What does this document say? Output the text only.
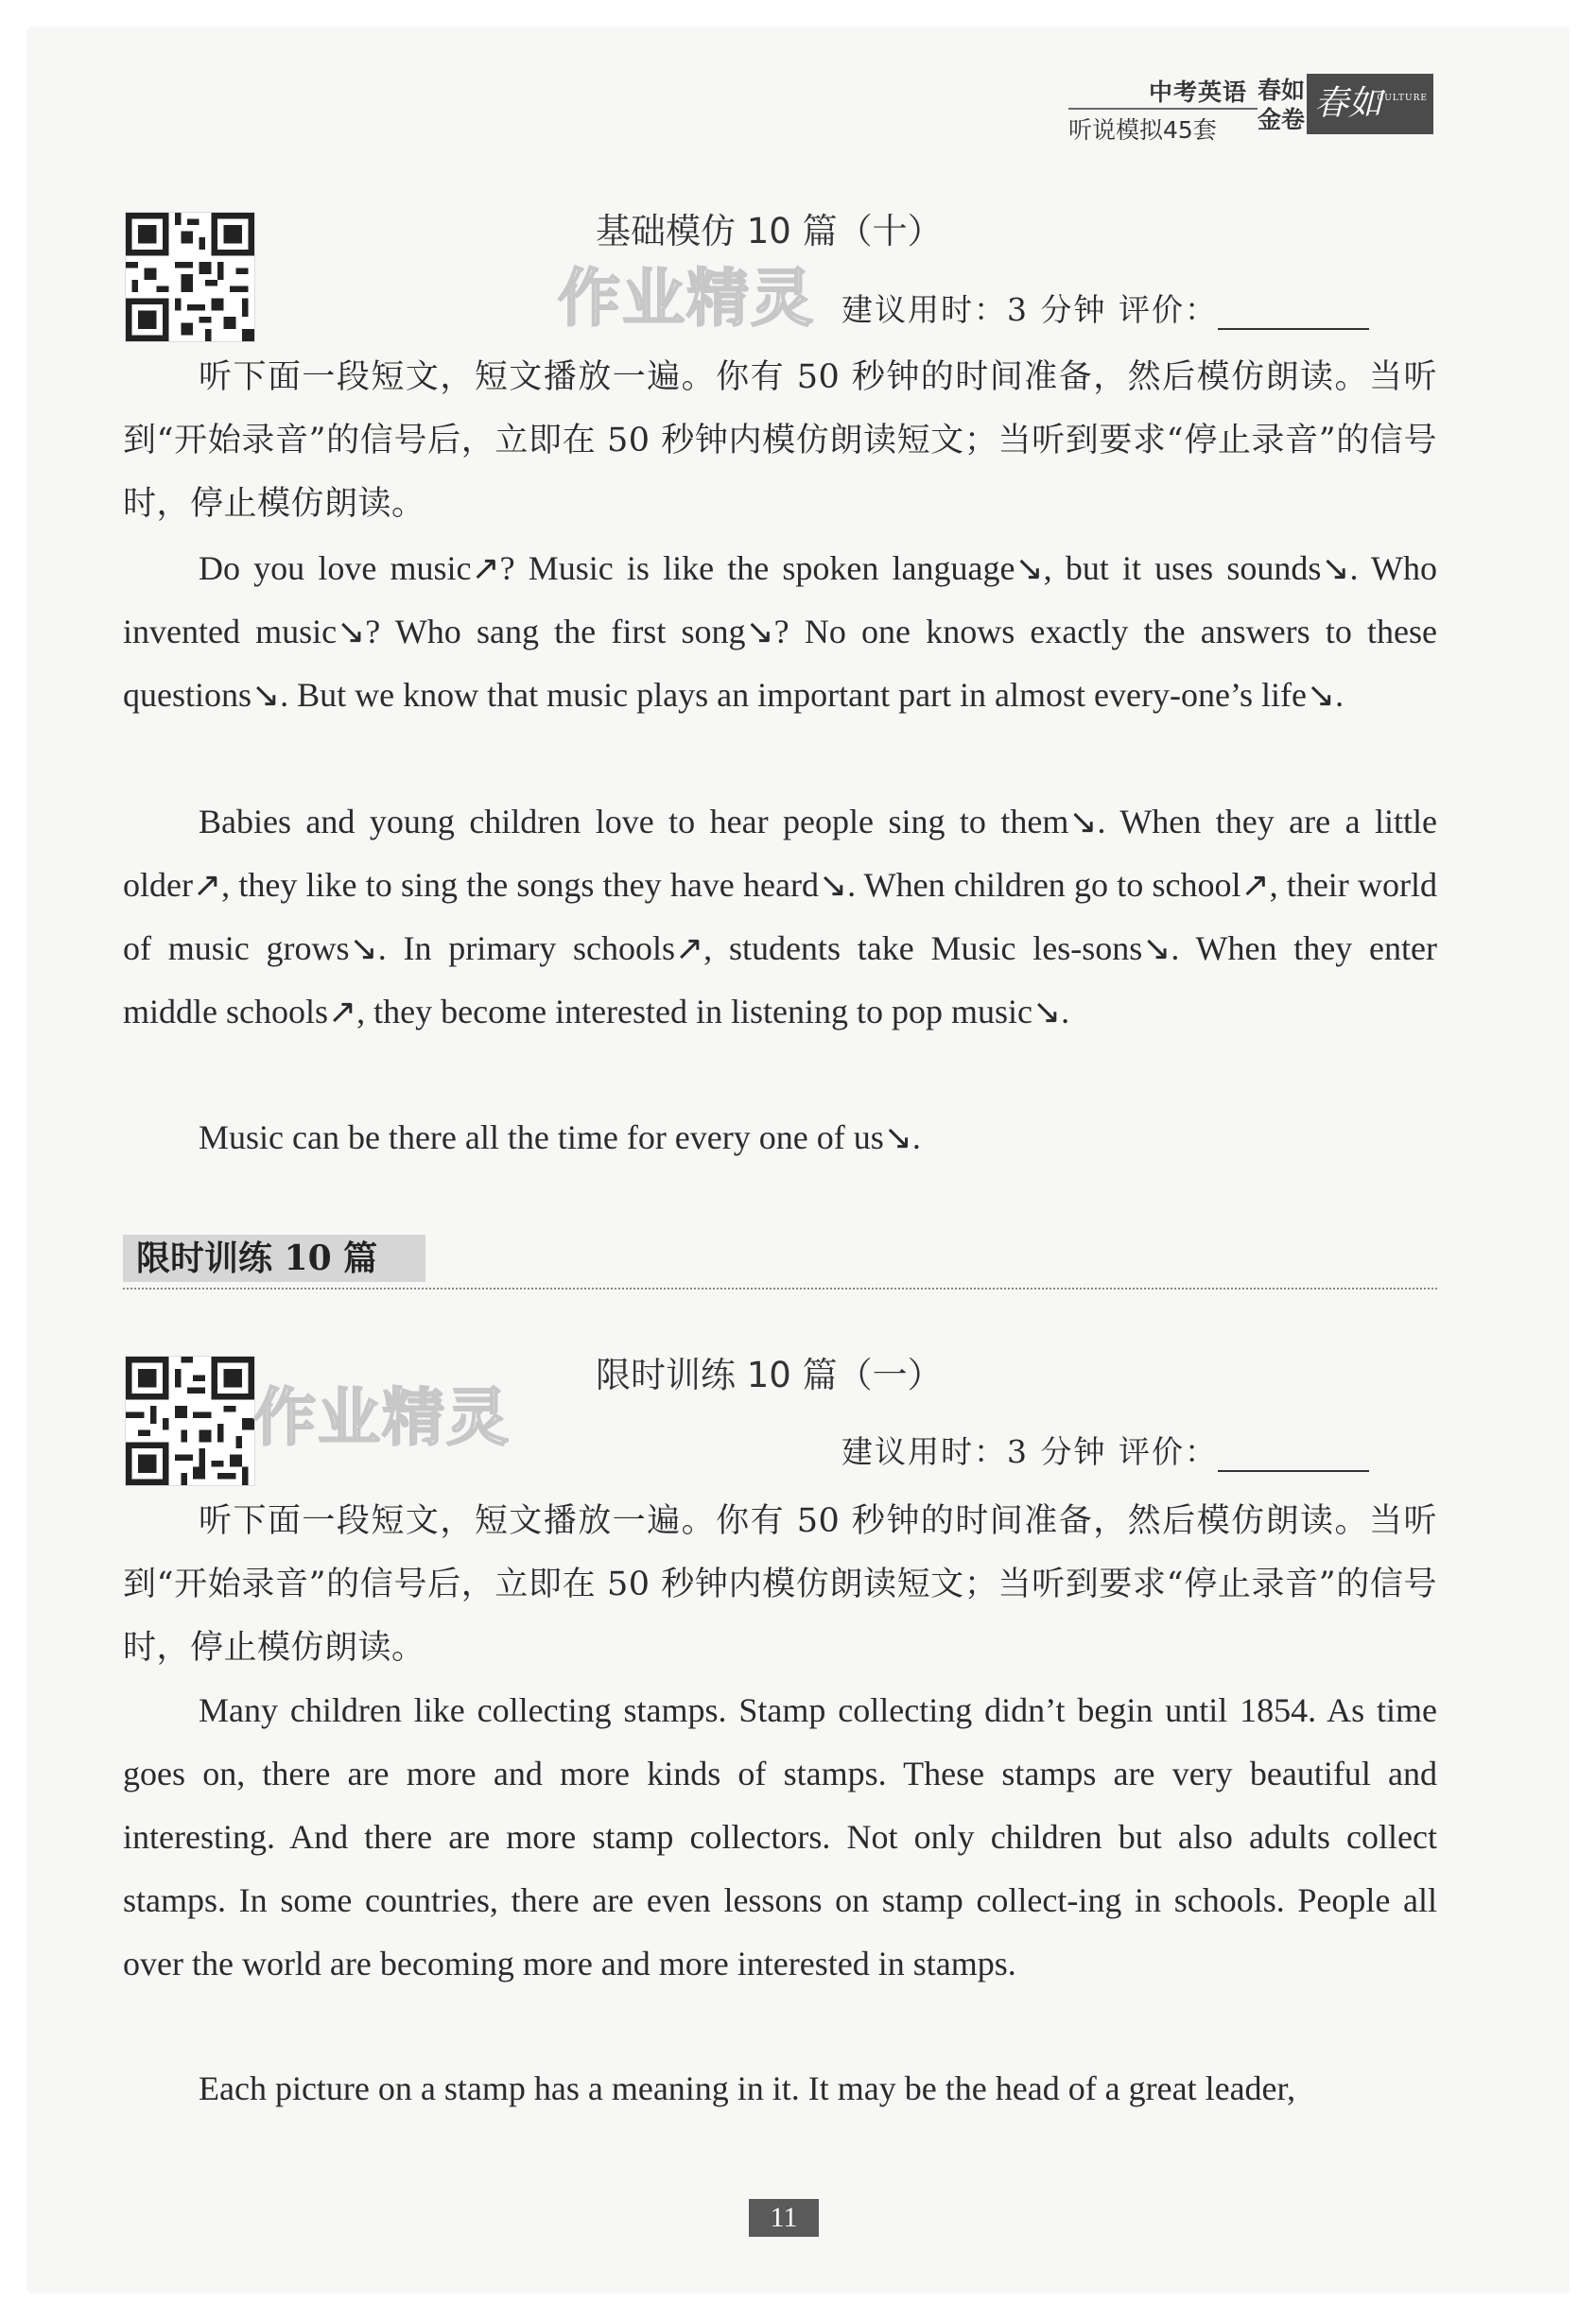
中考英语
听说模拟45套
春如金卷 春如
CULTURE
作业精灵
基础模仿 10 篇（十）
建议用时：3 分钟 评价：
听下面一段短文，短文播放一遍。你有 50 秒钟的时间准备，然后模仿朗读。当听到“开始录音”的信号后，立即在 50 秒钟内模仿朗读短文；当听到要求“停止录音”的信号时，停止模仿朗读。
Do you love music↗? Music is like the spoken language↘, but it uses sounds↘. Who invented music↘? Who sang the first song↘? No one knows exactly the answers to these questions↘. But we know that music plays an important part in almost every-one’s life↘.
Babies and young children love to hear people sing to them↘. When they are a little older↗, they like to sing the songs they have heard↘. When children go to school↗, their world of music grows↘. In primary schools↗, students take Music les-sons↘. When they enter middle schools↗, they become interested in listening to pop music↘.
Music can be there all the time for every one of us↘.
限时训练 10 篇
作业精灵
限时训练 10 篇（一）
建议用时：3 分钟 评价：
听下面一段短文，短文播放一遍。你有 50 秒钟的时间准备，然后模仿朗读。当听到“开始录音”的信号后，立即在 50 秒钟内模仿朗读短文；当听到要求“停止录音”的信号时，停止模仿朗读。
Many children like collecting stamps. Stamp collecting didn’t begin until 1854. As time goes on, there are more and more kinds of stamps. These stamps are very beautiful and interesting. And there are more stamp collectors. Not only children but also adults collect stamps. In some countries, there are even lessons on stamp collect-ing in schools. People all over the world are becoming more and more interested in stamps.
Each picture on a stamp has a meaning in it. It may be the head of a great leader,
11
